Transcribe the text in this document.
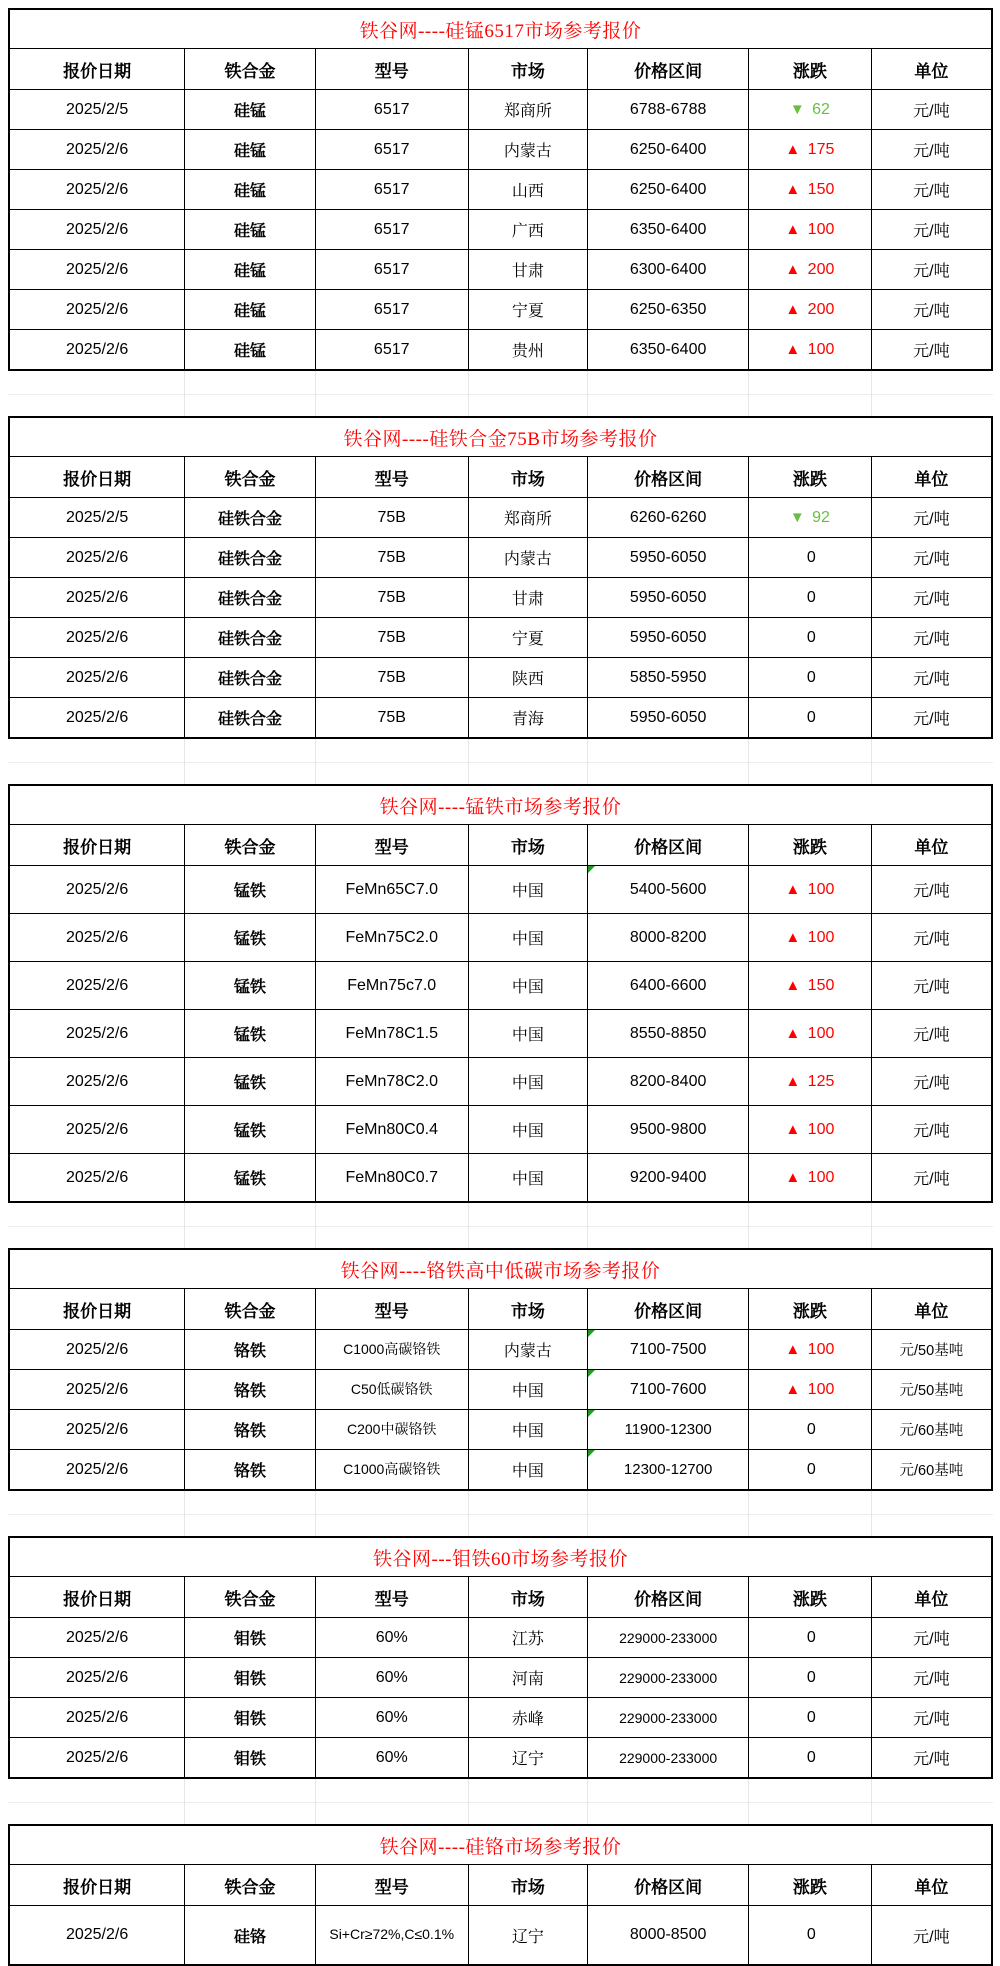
铁谷网----硅锰6517市场参考报价						
报价日期	铁合金	型号	市场	价格区间	涨跌	单位
2025/2/5	硅锰	6517	郑商所	6788-6788	▼ 62	元/吨
2025/2/6	硅锰	6517	内蒙古	6250-6400	▲ 175	元/吨
2025/2/6	硅锰	6517	山西	6250-6400	▲ 150	元/吨
2025/2/6	硅锰	6517	广西	6350-6400	▲ 100	元/吨
2025/2/6	硅锰	6517	甘肃	6300-6400	▲ 200	元/吨
2025/2/6	硅锰	6517	宁夏	6250-6350	▲ 200	元/吨
2025/2/6	硅锰	6517	贵州	6350-6400	▲ 100	元/吨
铁谷网----硅铁合金75B市场参考报价						
报价日期	铁合金	型号	市场	价格区间	涨跌	单位
2025/2/5	硅铁合金	75B	郑商所	6260-6260	▼ 92	元/吨
2025/2/6	硅铁合金	75B	内蒙古	5950-6050	0	元/吨
2025/2/6	硅铁合金	75B	甘肃	5950-6050	0	元/吨
2025/2/6	硅铁合金	75B	宁夏	5950-6050	0	元/吨
2025/2/6	硅铁合金	75B	陕西	5850-5950	0	元/吨
2025/2/6	硅铁合金	75B	青海	5950-6050	0	元/吨
铁谷网----锰铁市场参考报价						
报价日期	铁合金	型号	市场	价格区间	涨跌	单位
2025/2/6	锰铁	FeMn65C7.0	中国	5400-5600	▲ 100	元/吨
2025/2/6	锰铁	FeMn75C2.0	中国	8000-8200	▲ 100	元/吨
2025/2/6	锰铁	FeMn75c7.0	中国	6400-6600	▲ 150	元/吨
2025/2/6	锰铁	FeMn78C1.5	中国	8550-8850	▲ 100	元/吨
2025/2/6	锰铁	FeMn78C2.0	中国	8200-8400	▲ 125	元/吨
2025/2/6	锰铁	FeMn80C0.4	中国	9500-9800	▲ 100	元/吨
2025/2/6	锰铁	FeMn80C0.7	中国	9200-9400	▲ 100	元/吨
铁谷网----铬铁高中低碳市场参考报价						
报价日期	铁合金	型号	市场	价格区间	涨跌	单位
2025/2/6	铬铁	C1000高碳铬铁	内蒙古	7100-7500	▲ 100	元/50基吨
2025/2/6	铬铁	C50低碳铬铁	中国	7100-7600	▲ 100	元/50基吨
2025/2/6	铬铁	C200中碳铬铁	中国	11900-12300	0	元/60基吨
2025/2/6	铬铁	C1000高碳铬铁	中国	12300-12700	0	元/60基吨
铁谷网---钼铁60市场参考报价						
报价日期	铁合金	型号	市场	价格区间	涨跌	单位
2025/2/6	钼铁	60%	江苏	229000-233000	0	元/吨
2025/2/6	钼铁	60%	河南	229000-233000	0	元/吨
2025/2/6	钼铁	60%	赤峰	229000-233000	0	元/吨
2025/2/6	钼铁	60%	辽宁	229000-233000	0	元/吨
铁谷网----硅铬市场参考报价						
报价日期	铁合金	型号	市场	价格区间	涨跌	单位
2025/2/6	硅铬	Si+Cr≥72%,C≤0.1%	辽宁	8000-8500	0	元/吨
